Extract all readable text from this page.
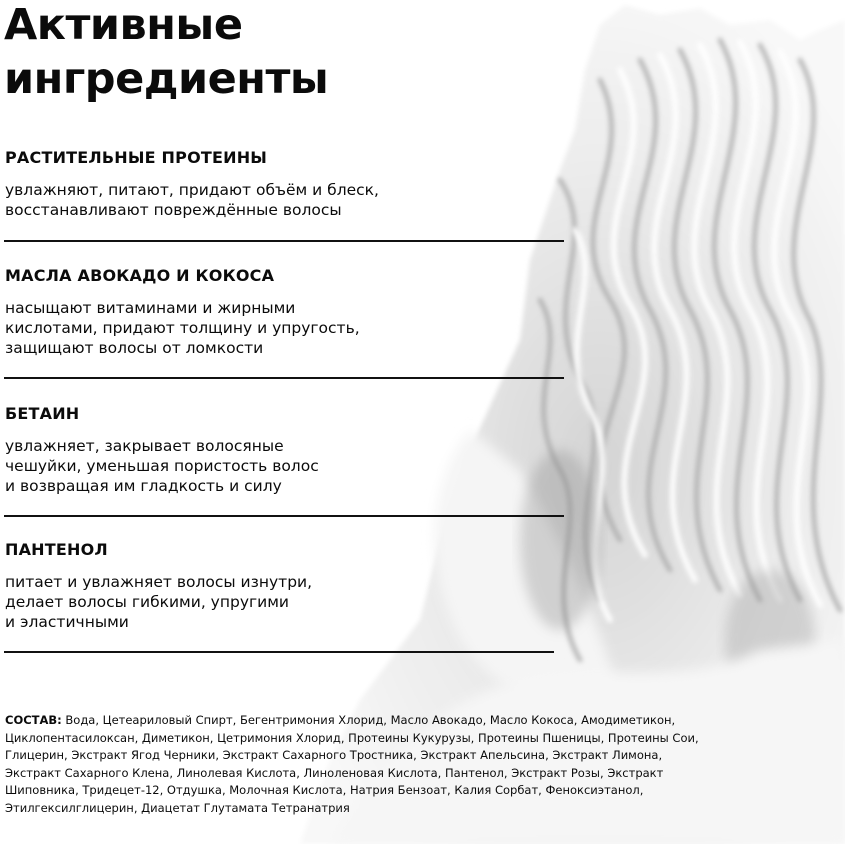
Активные
ингредиенты
РАСТИТЕЛЬНЫЕ ПРОТЕИНЫ

увлажняют, питают, придают объём и блеск,
восстанавливают повреждённые волосы

МАСЛА АВОКАДО И КОКОСА

насыщают витаминами и жирными
кислотами, придают толщину и упругость,
защищают волосы от ломкости

БЕТАИН

увлажняет, закрывает волосяные
чешуйки, уменьшая пористость волос
и возвращая им гладкость и силу

ПАНТЕНОЛ

питает и увлажняет волосы изнутри,
делает волосы гибкими, упругими
и эластичными

СОСТАВ: Вода, Цетеариловый Спирт, Бегентримония Хлорид, Масло Авокадо, Масло Кокоса, Амодиметикон,
Циклопентасилоксан, Диметикон, Цетримония Хлорид, Протеины Кукурузы, Протеины Пшеницы, Протеины Сои,
Глицерин, Экстракт Ягод Черники, Экстракт Сахарного Тростника, Экстракт Апельсина, Экстракт Лимона,
Экстракт Сахарного Клена, Линолевая Кислота, Линоленовая Кислота, Пантенол, Экстракт Розы, Экстракт
Шиповника, Тридецет-12, Отдушка, Молочная Кислота, Натрия Бензоат, Калия Сорбат, Феноксиэтанол,
Этилгексилглицерин, Диацетат Глутамата Тетранатрия
